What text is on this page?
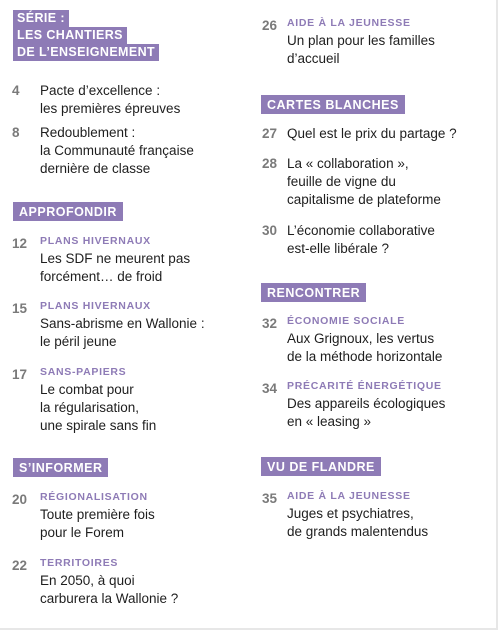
SÉRIE :
LES CHANTIERS
DE L’ENSEIGNEMENT
4	Pacte d’excellence :
les premières épreuves
8	Redoublement :
la Communauté française
dernière de classe
APPROFONDIR
12	PLANS HIVERNAUX
Les SDF ne meurent pas
forcément… de froid
15	PLANS HIVERNAUX
Sans-abrisme en Wallonie :
le péril jeune
17	SANS-PAPIERS
Le combat pour
la régularisation,
une spirale sans fin
S’INFORMER
20	RÉGIONALISATION
Toute première fois
pour le Forem
22	TERRITOIRES
En 2050, à quoi
carburera la Wallonie ?
26 AIDE À LA JEUNESSE
Un plan pour les familles
d’accueil
CARTES BLANCHES
27 Quel est le prix du partage ?
28 La « collaboration »,
feuille de vigne du
capitalisme de plateforme
30 L’économie collaborative
est-elle libérale ?
RENCONTRER
32 ÉCONOMIE SOCIALE
Aux Grignoux, les vertus
de la méthode horizontale
34 PRÉCARITÉ ÉNERGÉTIQUE
Des appareils écologiques
en « leasing »
VU DE FLANDRE
35 AIDE À LA JEUNESSE
Juges et psychiatres,
de grands malentendus
